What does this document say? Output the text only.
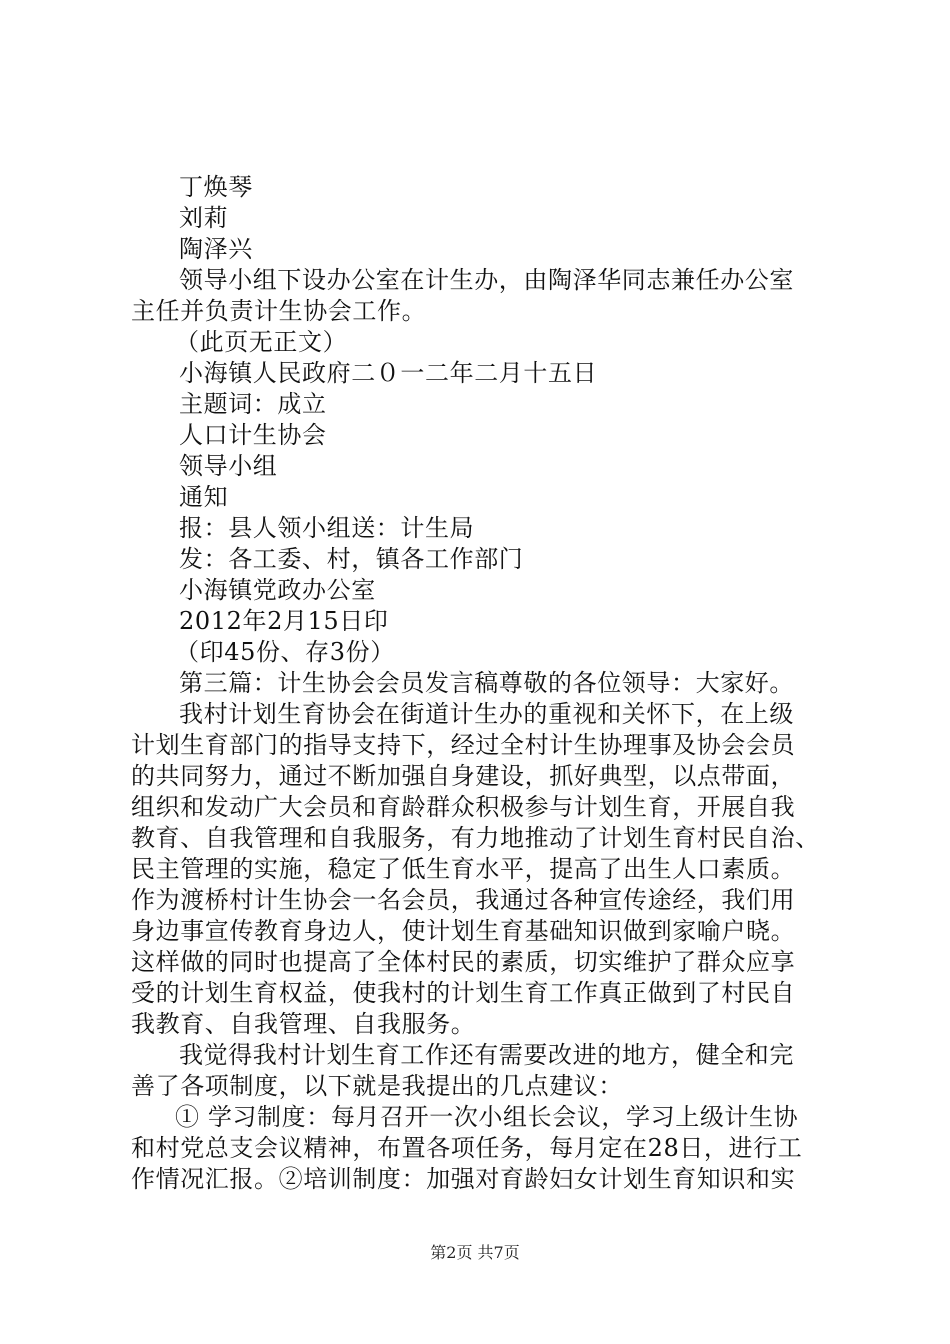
丁焕琴
刘莉
陶泽兴
领导小组下设办公室在计生办，由陶泽华同志兼任办公室
主任并负责计生协会工作。
（此页无正文）
小海镇人民政府二０一二年二月十五日
主题词：成立
人口计生协会
领导小组
通知
报：县人领小组送：计生局
发：各工委、村，镇各工作部门
小海镇党政办公室
2012年2月15日印
（印45份、存3份）
第三篇：计生协会会员发言稿尊敬的各位领导：大家好。
我村计划生育协会在街道计生办的重视和关怀下，在上级
计划生育部门的指导支持下，经过全村计生协理事及协会会员
的共同努力，通过不断加强自身建设，抓好典型，以点带面，
组织和发动广大会员和育龄群众积极参与计划生育，开展自我
教育、自我管理和自我服务，有力地推动了计划生育村民自治、
民主管理的实施，稳定了低生育水平，提高了出生人口素质。
作为渡桥村计生协会一名会员，我通过各种宣传途经，我们用
身边事宣传教育身边人，使计划生育基础知识做到家喻户晓。
这样做的同时也提高了全体村民的素质，切实维护了群众应享
受的计划生育权益，使我村的计划生育工作真正做到了村民自
我教育、自我管理、自我服务。
我觉得我村计划生育工作还有需要改进的地方，健全和完
善了各项制度，以下就是我提出的几点建议：
① 学习制度：每月召开一次小组长会议，学习上级计生协
和村党总支会议精神，布置各项任务，每月定在28日，进行工
作情况汇报。②培训制度：加强对育龄妇女计划生育知识和实
第2页 共7页
